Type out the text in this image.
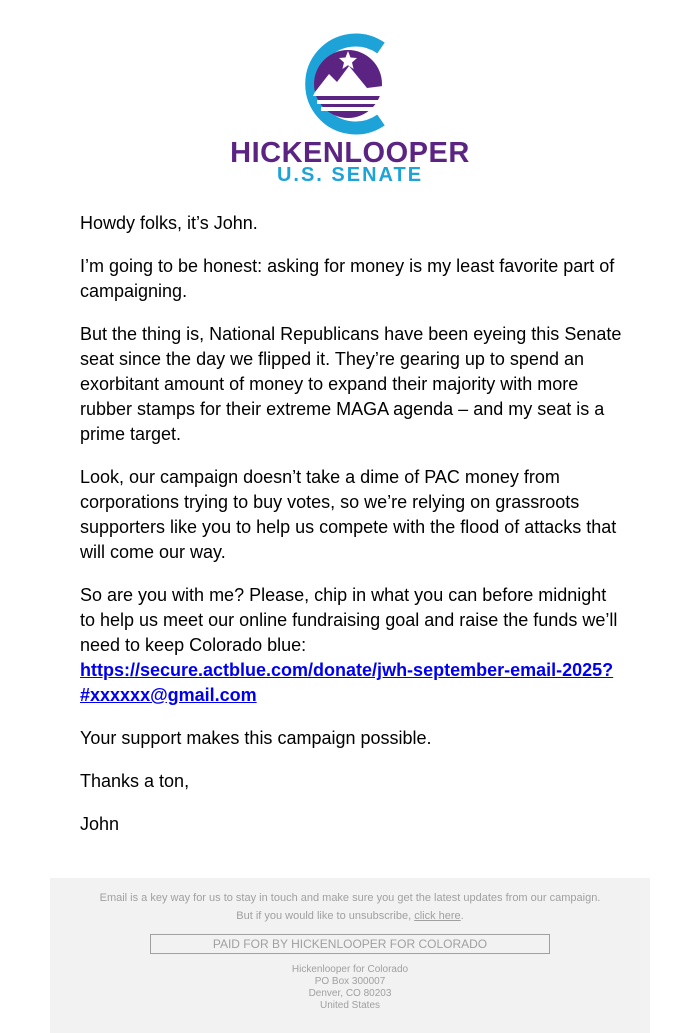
HICKENLOOPER
U.S. SENATE

Howdy folks, it’s John.

I’m going to be honest: asking for money is my least favorite part of campaigning.

But the thing is, National Republicans have been eyeing this Senate seat since the day we flipped it. They’re gearing up to spend an exorbitant amount of money to expand their majority with more rubber stamps for their extreme MAGA agenda – and my seat is a prime target.

Look, our campaign doesn’t take a dime of PAC money from corporations trying to buy votes, so we’re relying on grassroots supporters like you to help us compete with the flood of attacks that will come our way.

So are you with me? Please, chip in what you can before midnight to help us meet our online fundraising goal and raise the funds we’ll need to keep Colorado blue:
https://secure.actblue.com/donate/jwh-september-email-2025?
#xxxxxx@gmail.com

Your support makes this campaign possible.

Thanks a ton,

John

Email is a key way for us to stay in touch and make sure you get the latest updates from our campaign.
But if you would like to unsubscribe, click here.
PAID FOR BY HICKENLOOPER FOR COLORADO
Hickenlooper for Colorado
PO Box 300007
Denver, CO 80203
United States
